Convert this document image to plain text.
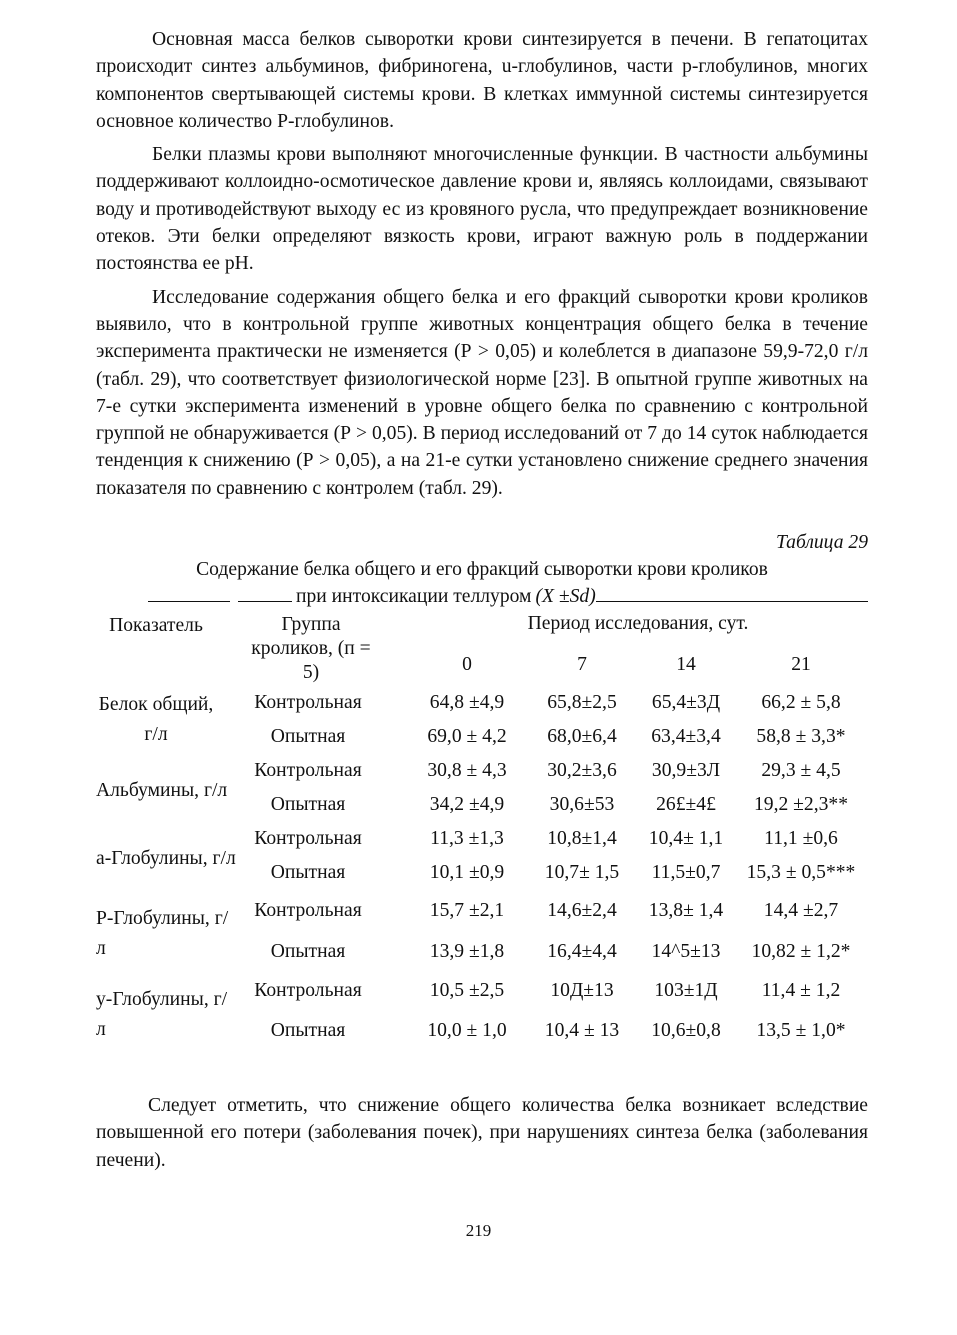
Основная масса белков сыворотки крови синтезируется в печени. В гепатоцитах происходит синтез альбуминов, фибриногена, u-глобулинов, части р-глобулинов, многих компонентов свертывающей системы крови. В клетках иммунной системы синтезируется основное количество Р-глобулинов.

Белки плазмы крови выполняют многочисленные функции. В частности альбумины поддерживают коллоидно-осмотическое давление крови и, являясь коллоидами, связывают воду и противодействуют выходу ес из кровяного русла, что предупреждает возникновение отеков. Эти белки определяют вязкость крови, играют важную роль в поддержании постоянства ее pH.

Исследование содержания общего белка и его фракций сыворотки крови кроликов выявило, что в контрольной группе животных концентрация общего белка в течение эксперимента практически не изменяется (Р > 0,05) и колеблется в диапазоне 59,9-72,0 г/л (табл. 29), что соответствует физиологической норме [23]. В опытной группе животных на 7-е сутки эксперимента изменений в уровне общего белка по сравнению с контрольной группой не обнаруживается (Р > 0,05). В период исследований от 7 до 14 суток наблюдается тенденция к снижению (Р > 0,05), а на 21-е сутки установлено снижение среднего значения показателя по сравнению с контролем (табл. 29).

Таблица 29
Содержание белка общего и его фракций сыворотки крови кроликов
при интоксикации теллуром (X ±Sd)
Показатель	Группа кроликов, (п = 5)	Период исследования, сут.			
		0	7	14	21
Белок общий, г/л	Контрольная	64,8 ±4,9	65,8±2,5	65,4±3Д	66,2 ± 5,8
	Опытная	69,0 ± 4,2	68,0±6,4	63,4±3,4	58,8 ± 3,3*
Альбумины, г/л	Контрольная	30,8 ± 4,3	30,2±3,6	30,9±3Л	29,3 ± 4,5
	Опытная	34,2 ±4,9	30,6±53	26£±4£	19,2 ±2,3**
а-Глобулины, г/л	Контрольная	11,3 ±1,3	10,8±1,4	10,4± 1,1	11,1 ±0,6
	Опытная	10,1 ±0,9	10,7± 1,5	11,5±0,7	15,3 ± 0,5***
Р-Глобулины, г/л	Контрольная	15,7 ±2,1	14,6±2,4	13,8± 1,4	14,4 ±2,7
	Опытная	13,9 ±1,8	16,4±4,4	14^5±13	10,82 ± 1,2*
у-Глобулины, г/л	Контрольная	10,5 ±2,5	10Д±13	103±1Д	11,4 ± 1,2
	Опытная	10,0 ± 1,0	10,4 ± 13	10,6±0,8	13,5 ± 1,0*

Следует отметить, что снижение общего количества белка возникает вследствие повышенной его потери (заболевания почек), при нарушениях синтеза белка (заболевания печени).

219
